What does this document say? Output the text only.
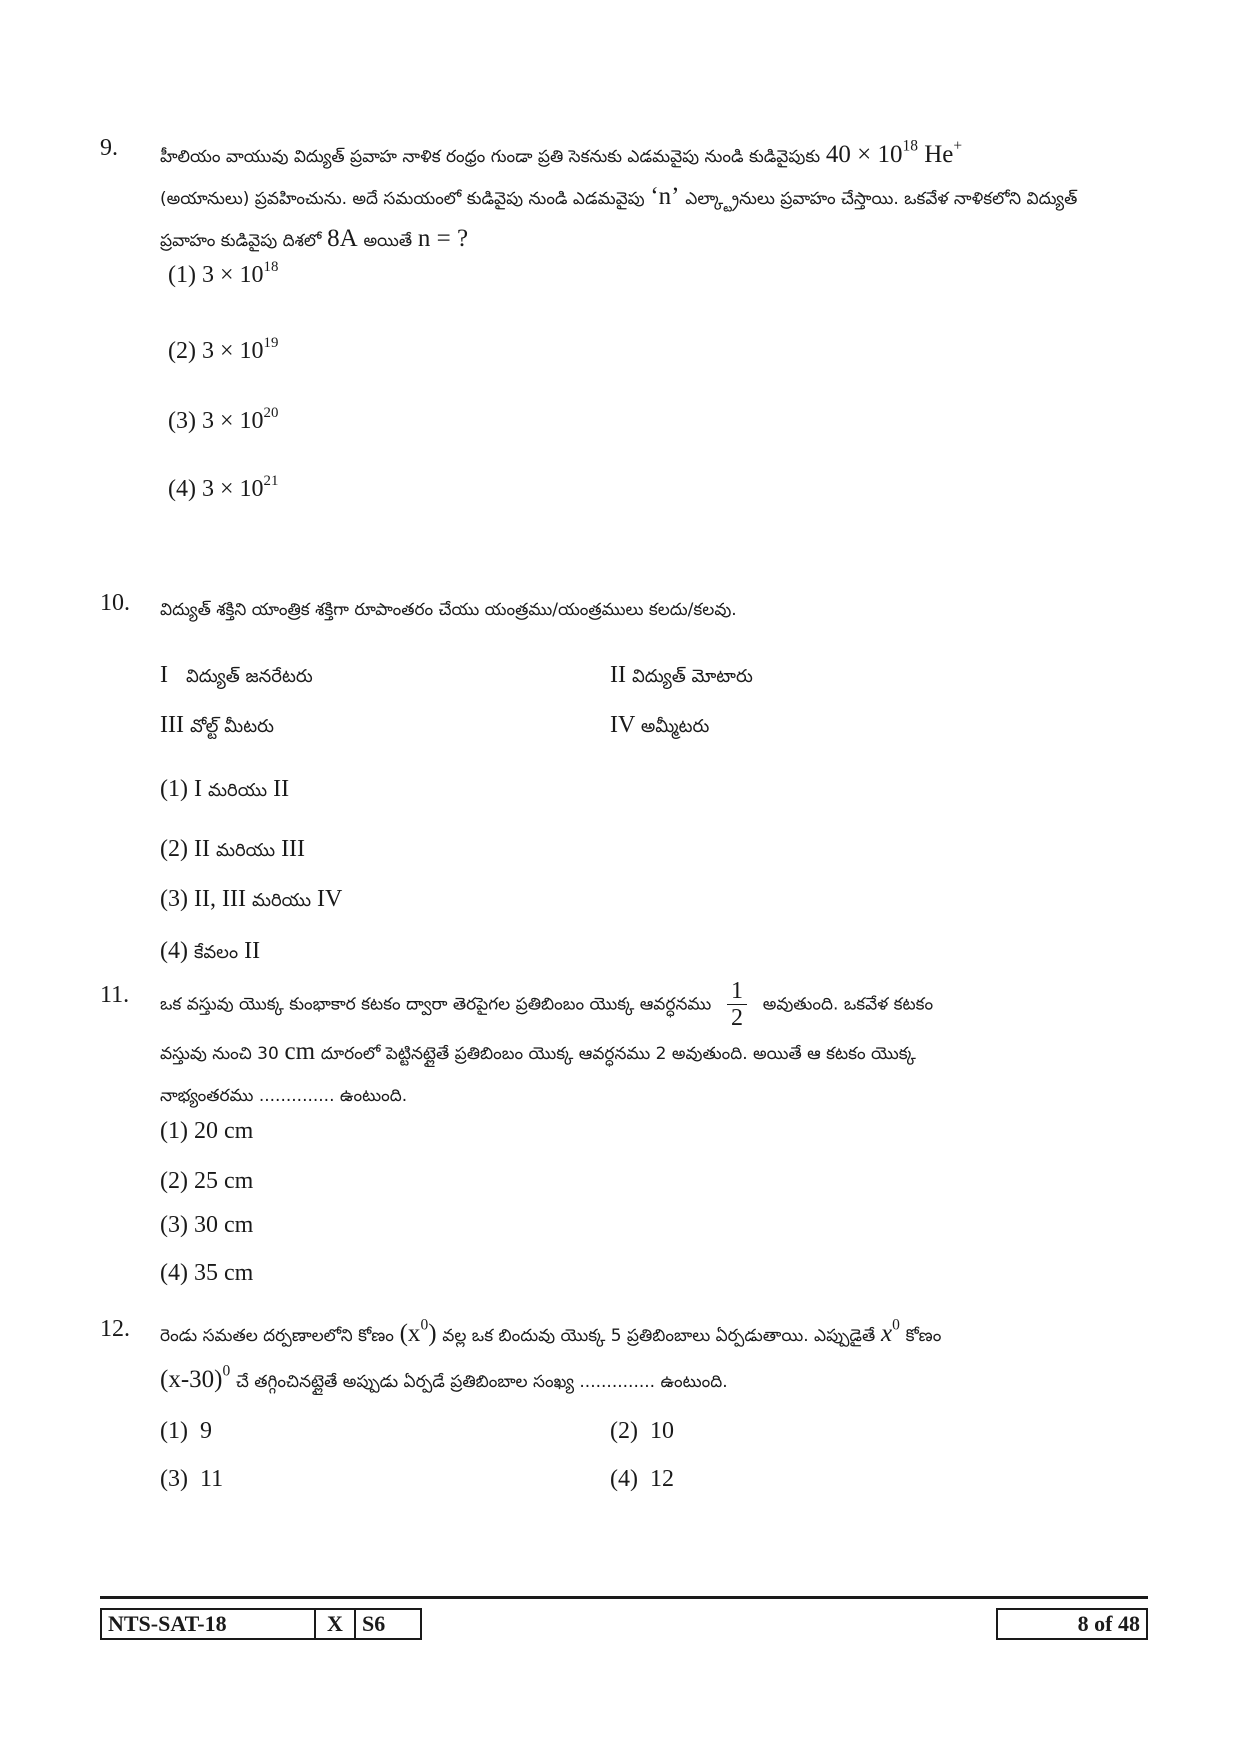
9. హీలియం వాయువు విద్యుత్ ప్రవాహ నాళిక రంధ్రం గుండా ప్రతి సెకనుకు ఎడమవైపు నుండి కుడివైపుకు $40 \times 10^{18}$ He+
(అయానులు) ప్రవహించును. అదే సమయంలో కుడివైపు నుండి ఎడమవైపు ‘n’ ఎల్క్ట్రానులు ప్రవాహం చేస్తాయి. ఒకవేళ నాళికలోని విద్యుత్
ప్రవాహం కుడివైపు దిశలో 8A అయితే n = ?
(1) $3 \times 10^{18}$
(2) $3 \times 10^{19}$
(3) $3 \times 10^{20}$
(4) $3 \times 10^{21}$
10. విద్యుత్ శక్తిని యాంత్రిక శక్తిగా రూపాంతరం చేయు యంత్రము/యంత్రములు కలదు/కలవు.
I విద్యుత్ జనరేటరు	II విద్యుత్ మోటారు
III వోల్ట్ మీటరు	IV అమ్మీటరు
(1) I మరియు II
(2) II మరియు III
(3) II, III మరియు IV
(4) కేవలం II
11. ఒక వస్తువు యొక్క కుంభాకార కటకం ద్వారా తెరపైగల ప్రతిబింబం యొక్క ఆవర్ధనము $\frac{1}{2}$ అవుతుంది. ఒకవేళ కటకం
వస్తువు నుంచి 30 cm దూరంలో పెట్టినట్లైతే ప్రతిబింబం యొక్క ఆవర్ధనము 2 అవుతుంది. అయితే ఆ కటకం యొక్క
నాభ్యంతరము .............. ఉంటుంది.
(1) 20 cm
(2) 25 cm
(3) 30 cm
(4) 35 cm
12. రెండు సమతల దర్పణాలలోని కోణం $(x^0)$ వల్ల ఒక బిందువు యొక్క 5 ప్రతిబింబాలు ఏర్పడుతాయి. ఎప్పుడైతే $x^0$ కోణం
$(x-30)^0$ చే తగ్గించినట్లైతే అప్పుడు ఏర్పడే ప్రతిబింబాల సంఖ్య .............. ఉంటుంది.
(1) 9	(2) 10
(3) 11	(4) 12
NTS-SAT-18	X S6	8 of 48
